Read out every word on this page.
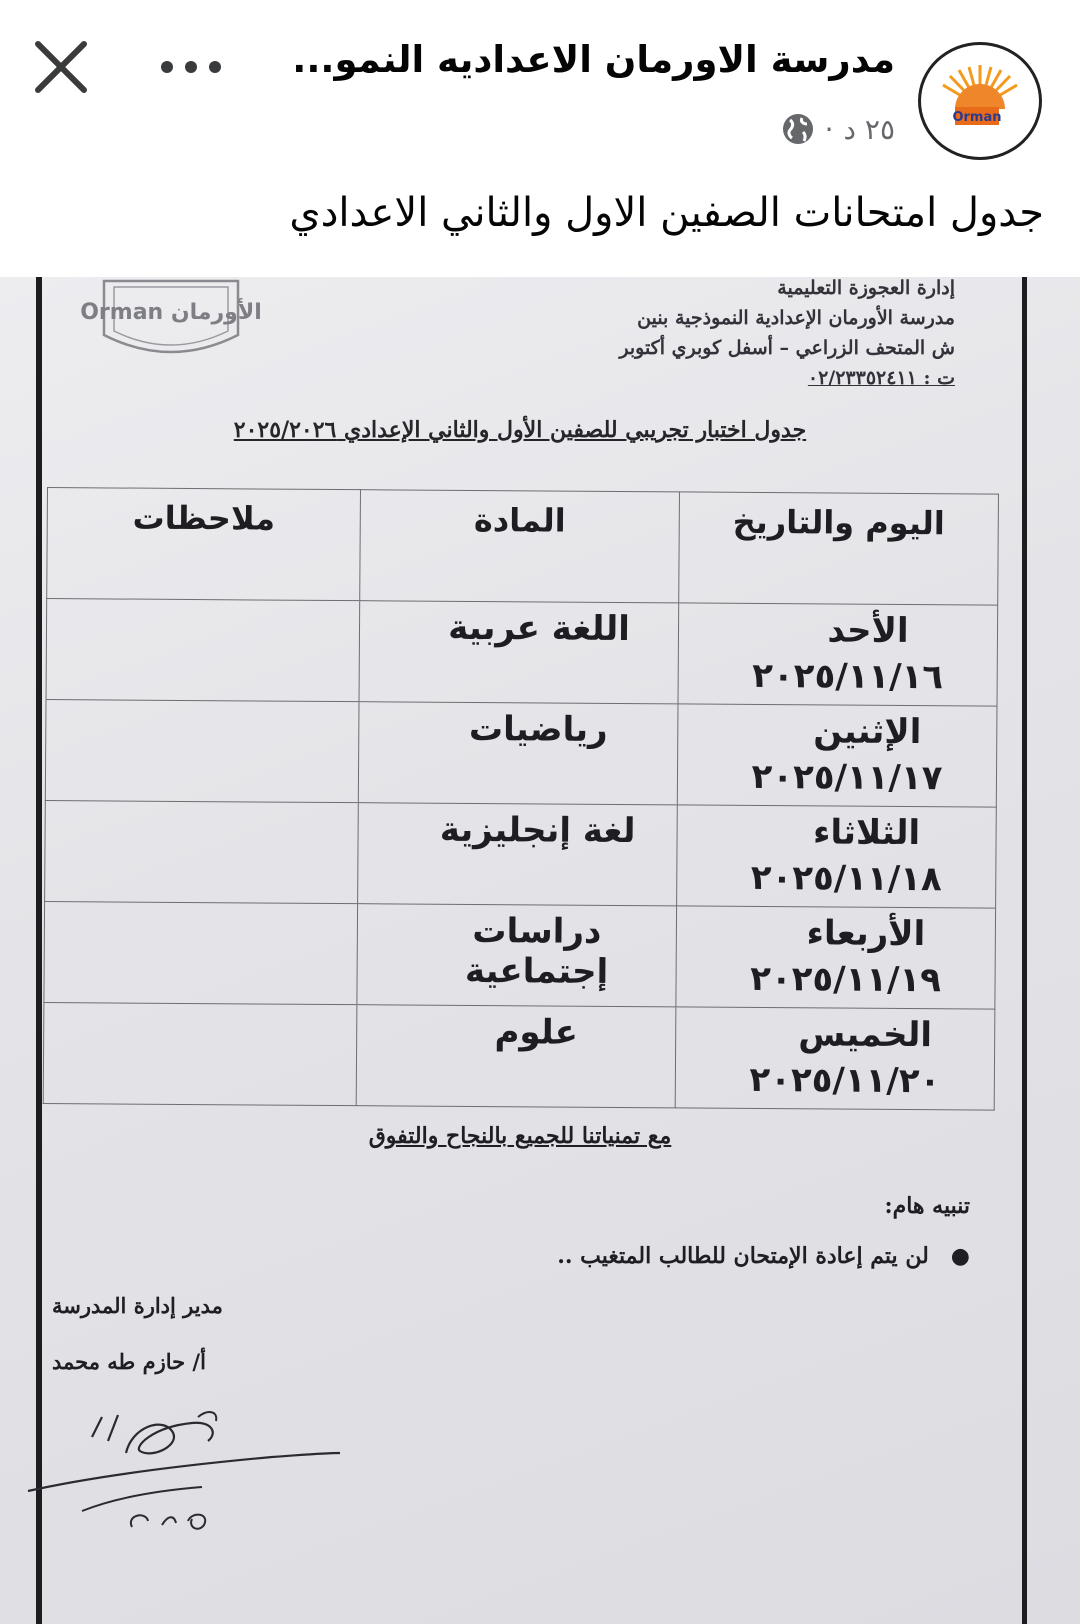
مدرسة الاورمان الاعداديه النمو...
Orman
٢٥ د
·
جدول امتحانات الصفين الاول والثاني الاعدادي
Orman الأورمان
إدارة العجوزة التعليمية
مدرسة الأورمان الإعدادية النموذجية بنين
ش المتحف الزراعي – أسفل كوبري أكتوبر
ت : ٠٢/٢٣٣٥٢٤١١
جدول اختبار تجريبي للصفين الأول والثاني الإعدادي ٢٠٢٥/٢٠٢٦
اليوم والتاريخ	المادة	ملاحظات

الأحد
٢٠٢٥/١١/١٦	اللغة عربية	

الإثنين
٢٠٢٥/١١/١٧	رياضيات	

الثلاثاء
٢٠٢٥/١١/١٨	لغة إنجليزية	

الأربعاء
٢٠٢٥/١١/١٩	دراسات إجتماعية	

الخميس
٢٠٢٥/١١/٢٠	علوم	

مع تمنياتنا للجميع بالنجاح والتفوق
تنبيه هام:
●لن يتم إعادة الإمتحان للطالب المتغيب ..
مدير إدارة المدرسة
أ/ حازم طه محمد
